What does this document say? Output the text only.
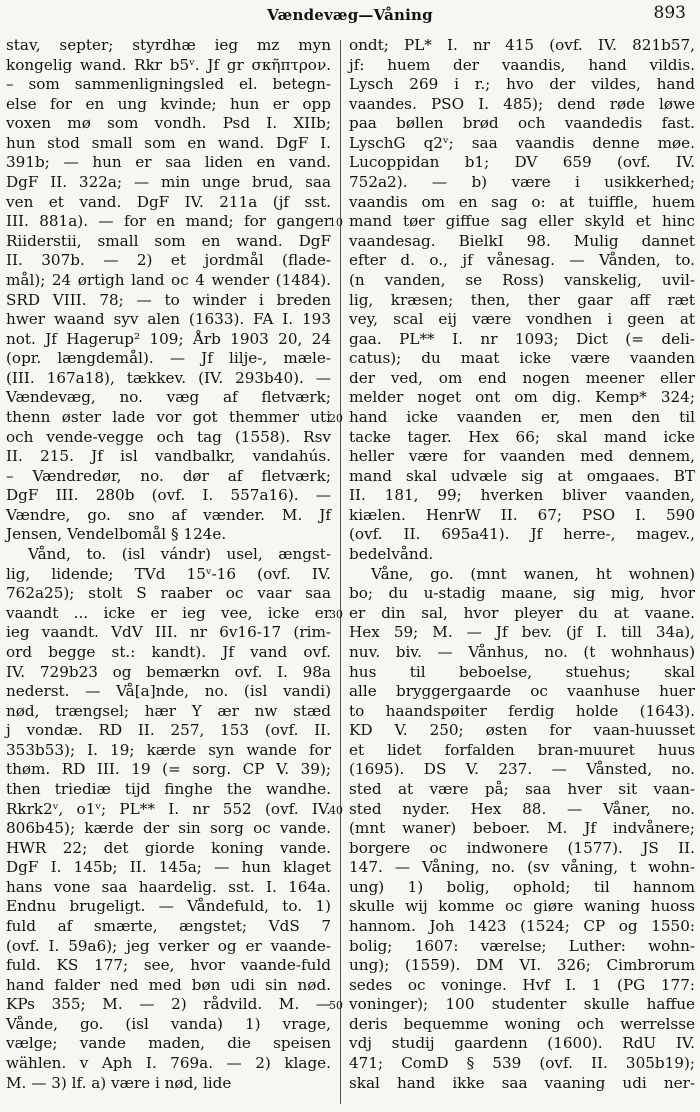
Vændevæg—Våning	893
stav, septer; styrdhæ ieg mz myn
kongelig wand. Rkr b5ᵛ. Jf gr σκῆπτρον.
– som sammenligningsled el. betegn-
else for en ung kvinde; hun er opp
voxen mø som vondh. Psd I. XIIb;
hun stod small som en wand. DgF I.
391b; — hun er saa liden en vand.
DgF II. 322a; — min unge brud, saa
ven et vand. DgF IV. 211a (jf sst.
III. 881a). — for en mand; for ganger
Riiderstii, small som en wand. DgF
II. 307b. — 2) et jordmål (flade-
mål); 24 ørtigh land oc 4 wender (1484).
SRD VIII. 78; — to winder i breden
hwer waand syv alen (1633). FA I. 193
not. Jf Hagerup² 109; Årb 1903 20, 24
(opr. længdemål). — Jf lilje-, mæle-
(III. 167a18), tækkev. (IV. 293b40). —
Vændevæg, no. væg af fletværk;
thenn øster lade vor got themmer uti
och vende-vegge och tag (1558). Rsv
II. 215. Jf isl vandbalkr, vandahús.
– Vændredør, no. dør af fletværk;
DgF III. 280b (ovf. I. 557a16). —
Vændre, go. sno af vænder. M. Jf
Jensen, Vendelbomål § 124e.
Vånd, to. (isl vándr) usel, ængst-
lig, lidende; TVd 15ᵛ-16 (ovf. IV.
762a25); stolt S raaber oc vaar saa
vaandt ... icke er ieg vee, icke er
ieg vaandt. VdV III. nr 6v16-17 (rim-
ord begge st.: kandt). Jf vand ovf.
IV. 729b23 og bemærkn ovf. I. 98a
nederst. — Vå[a]nde, no. (isl vandi)
nød, trængsel; hær Y ær nw stæd
j vondæ. RD II. 257, 153 (ovf. II.
353b53); I. 19; kærde syn wande for
thøm. RD III. 19 (= sorg. CP V. 39);
then triediæ tijd finghe the wandhe.
Rkrk2ᵛ, o1ᵛ; PL** I. nr 552 (ovf. IV.
806b45); kærde der sin sorg oc vande.
HWR 22; det giorde koning vande.
DgF I. 145b; II. 145a; — hun klaget
hans vone saa haardelig. sst. I. 164a.
Endnu brugeligt. — Våndefuld, to. 1)
fuld af smærte, ængstet; VdS 7
(ovf. I. 59a6); jeg verker og er vaande-
fuld. KS 177; see, hvor vaande-fuld
hand falder ned med bøn udi sin nød.
KPs 355; M. — 2) rådvild. M. —
Vånde, go. (isl vanda) 1) vrage,
vælge; vande maden, die speisen
wählen. v Aph I. 769a. — 2) klage.
M. — 3) lf. a) være i nød, lide
10
20
30
40
50
ondt; PL* I. nr 415 (ovf. IV. 821b57,
jf: huem der vaandis, hand vildis.
Lysch 269 i r.; hvo der vildes, hand
vaandes. PSO I. 485); dend røde løwe
paa bøllen brød och vaandedis fast.
LyschG q2ᵛ; saa vaandis denne møe.
Lucoppidan b1; DV 659 (ovf. IV.
752a2). — b) være i usikkerhed;
vaandis om en sag o: at tuiffle, huem
mand tøer giffue sag eller skyld et hinc
vaandesag. BielkI 98. Mulig dannet
efter d. o., jf vånesag. — Vånden, to.
(n vanden, se Ross) vanskelig, uvil-
lig, kræsen; then, ther gaar aff ræt
vey, scal eij være vondhen i geen at
gaa. PL** I. nr 1093; Dict (= deli-
catus); du maat icke være vaanden
der ved, om end nogen meener eller
melder noget ont om dig. Kemp* 324;
hand icke vaanden er, men den til
tacke tager. Hex 66; skal mand icke
heller være for vaanden med dennem,
mand skal udvæle sig at omgaaes. BT
II. 181, 99; hverken bliver vaanden,
kiælen. HenrW II. 67; PSO I. 590
(ovf. II. 695a41). Jf herre-, magev.,
bedelvånd.
Våne, go. (mnt wanen, ht wohnen)
bo; du u-stadig maane, sig mig, hvor
er din sal, hvor pleyer du at vaane.
Hex 59; M. — Jf bev. (jf I. till 34a),
nuv. biv. — Vånhus, no. (t wohnhaus)
hus til beboelse, stuehus; skal
alle bryggergaarde oc vaanhuse huer
to haandspøiter ferdig holde (1643).
KD V. 250; østen for vaan-huusset
et lidet forfalden bran-muuret huus
(1695). DS V. 237. — Vånsted, no.
sted at være på; saa hver sit vaan-
sted nyder. Hex 88. — Våner, no.
(mnt waner) beboer. M. Jf indvånere;
borgere oc indwonere (1577). JS II.
147. — Våning, no. (sv våning, t wohn-
ung) 1) bolig, ophold; til hannom
skulle wij komme oc giøre waning huoss
hannom. Joh 1423 (1524; CP og 1550:
bolig; 1607: værelse; Luther: wohn-
ung); (1559). DM VI. 326; Cimbrorum
sedes oc voninge. Hvf I. 1 (PG 177:
voninger); 100 studenter skulle haffue
deris bequemme woning och werrelsse
vdj studij gaardenn (1600). RdU IV.
471; ComD § 539 (ovf. II. 305b19);
skal hand ikke saa vaaning udi ner-
